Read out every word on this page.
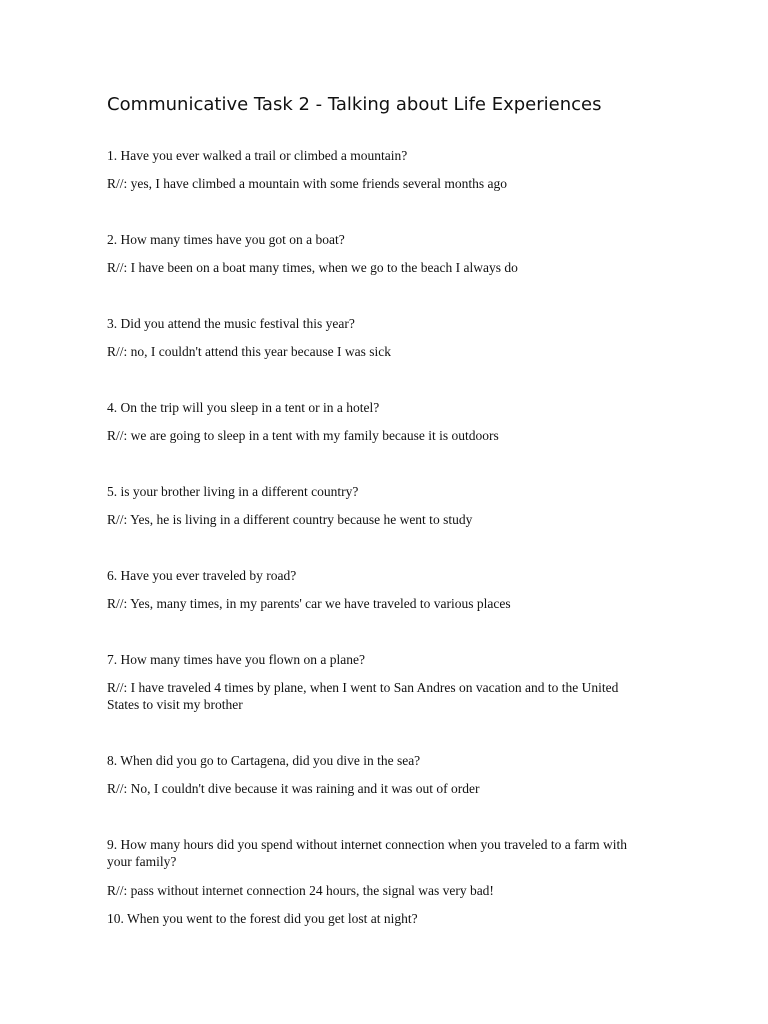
Communicative Task 2 - Talking about Life Experiences
1. Have you ever walked a trail or climbed a mountain?
R//: yes, I have climbed a mountain with some friends several months ago
2. How many times have you got on a boat?
R//: I have been on a boat many times, when we go to the beach I always do
3. Did you attend the music festival this year?
R//: no, I couldn't attend this year because I was sick
4. On the trip will you sleep in a tent or in a hotel?
R//: we are going to sleep in a tent with my family because it is outdoors
5. is your brother living in a different country?
R//: Yes, he is living in a different country because he went to study
6. Have you ever traveled by road?
R//: Yes, many times, in my parents' car we have traveled to various places
7. How many times have you flown on a plane?
R//: I have traveled 4 times by plane, when I went to San Andres on vacation and to the United States to visit my brother
8. When did you go to Cartagena, did you dive in the sea?
R//: No, I couldn't dive because it was raining and it was out of order
9. How many hours did you spend without internet connection when you traveled to a farm with your family?
R//: pass without internet connection 24 hours, the signal was very bad!
10. When you went to the forest did you get lost at night?
